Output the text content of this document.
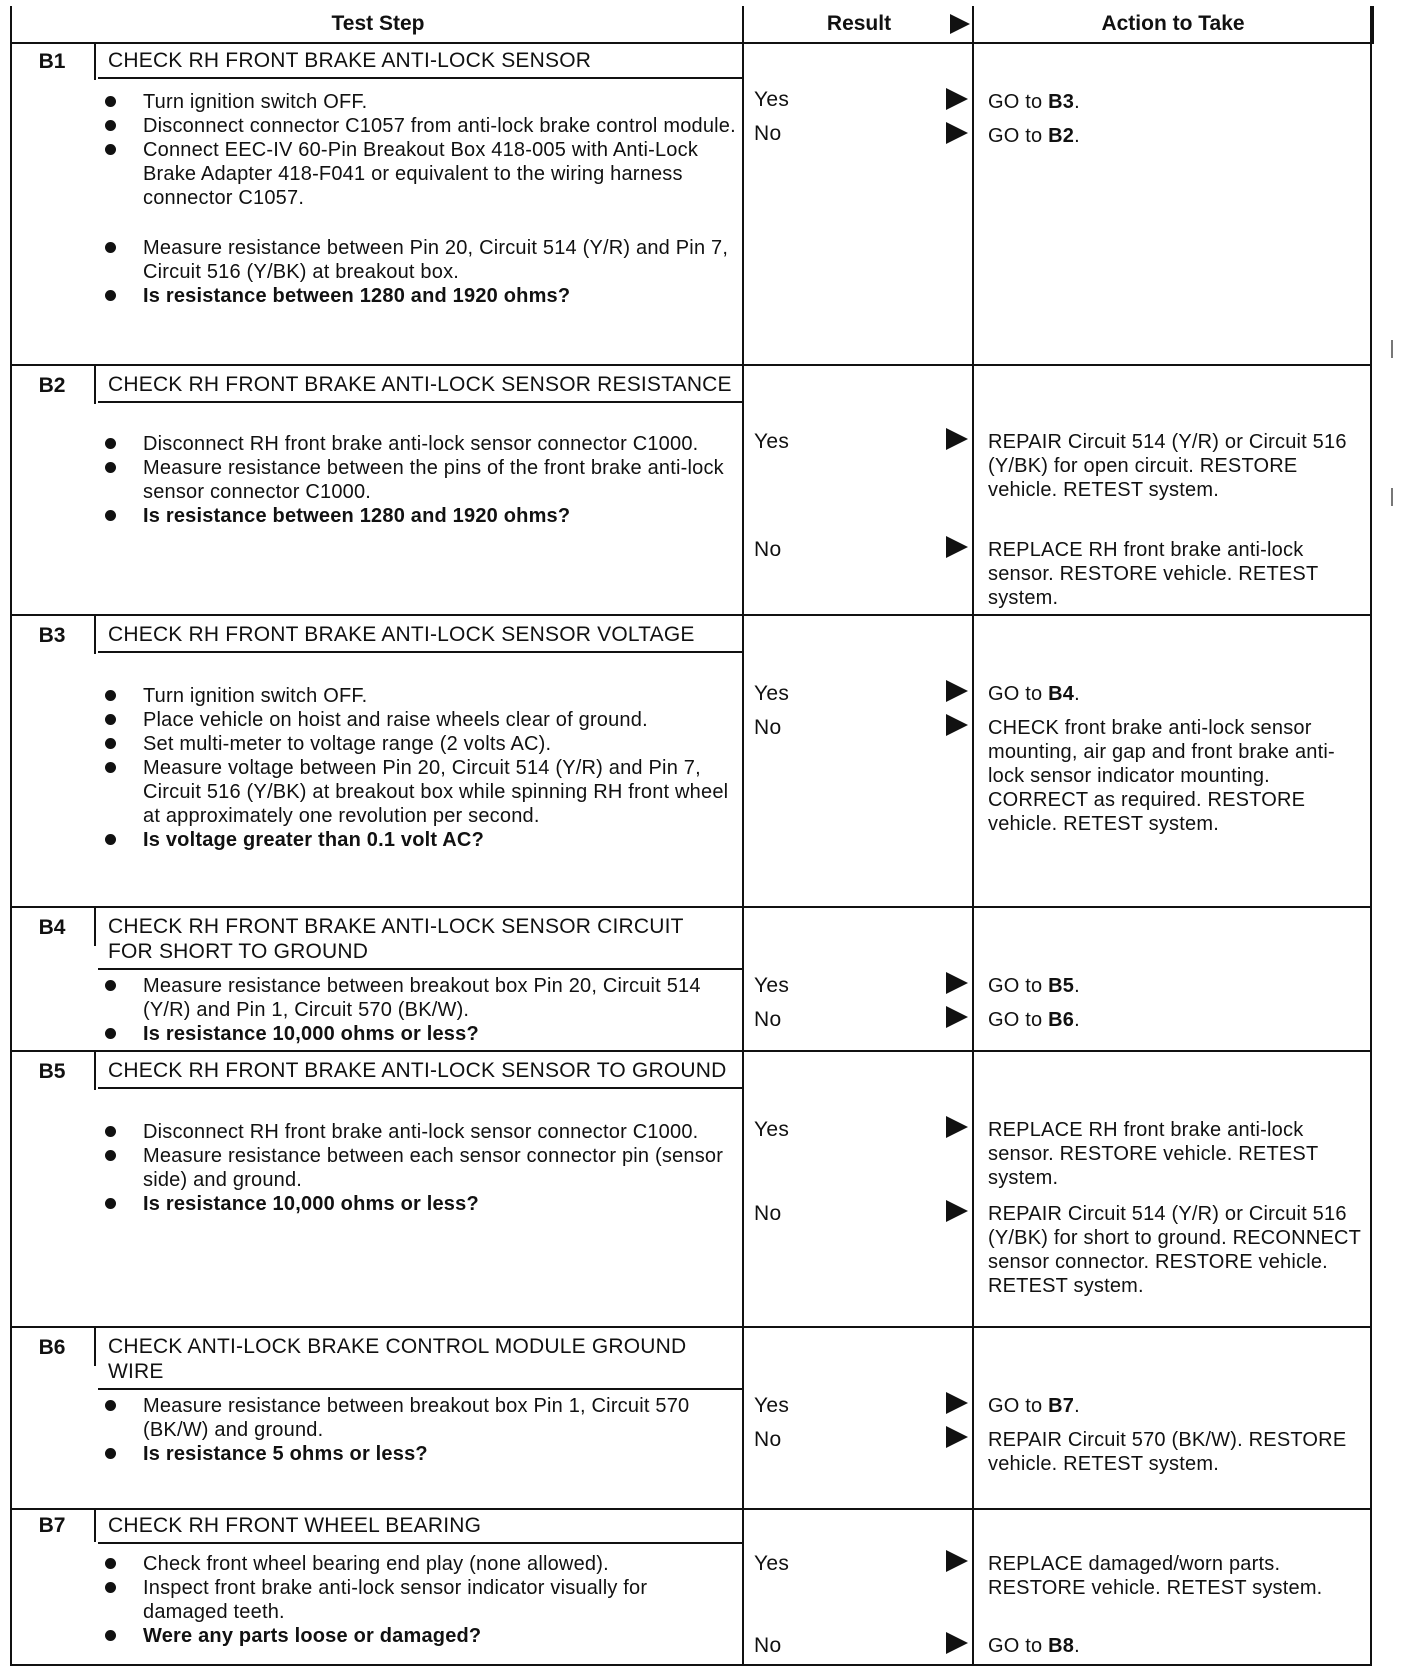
Test Step	Result	Action to Take
B1	CHECK RH FRONT BRAKE ANTI-LOCK SENSOR
Turn ignition switch OFF.
Disconnect connector C1057 from anti-lock brake control module.
Connect EEC-IV 60-Pin Breakout Box 418-005 with Anti-Lock Brake Adapter 418-F041 or equivalent to the wiring harness connector C1057.
Measure resistance between Pin 20, Circuit 514 (Y/R) and Pin 7, Circuit 516 (Y/BK) at breakout box.
Is resistance between 1280 and 1920 ohms?
Yes	GO to B3.
No	GO to B2.
B2	CHECK RH FRONT BRAKE ANTI-LOCK SENSOR RESISTANCE
Disconnect RH front brake anti-lock sensor connector C1000.
Measure resistance between the pins of the front brake anti-lock sensor connector C1000.
Is resistance between 1280 and 1920 ohms?
Yes	REPAIR Circuit 514 (Y/R) or Circuit 516 (Y/BK) for open circuit. RESTORE vehicle. RETEST system.
No	REPLACE RH front brake anti-lock sensor. RESTORE vehicle. RETEST system.
B3	CHECK RH FRONT BRAKE ANTI-LOCK SENSOR VOLTAGE
Turn ignition switch OFF.
Place vehicle on hoist and raise wheels clear of ground.
Set multi-meter to voltage range (2 volts AC).
Measure voltage between Pin 20, Circuit 514 (Y/R) and Pin 7, Circuit 516 (Y/BK) at breakout box while spinning RH front wheel at approximately one revolution per second.
Is voltage greater than 0.1 volt AC?
Yes	GO to B4.
No	CHECK front brake anti-lock sensor mounting, air gap and front brake anti-lock sensor indicator mounting. CORRECT as required. RESTORE vehicle. RETEST system.
B4	CHECK RH FRONT BRAKE ANTI-LOCK SENSOR CIRCUIT FOR SHORT TO GROUND
Measure resistance between breakout box Pin 20, Circuit 514 (Y/R) and Pin 1, Circuit 570 (BK/W).
Is resistance 10,000 ohms or less?
Yes	GO to B5.
No	GO to B6.
B5	CHECK RH FRONT BRAKE ANTI-LOCK SENSOR TO GROUND
Disconnect RH front brake anti-lock sensor connector C1000.
Measure resistance between each sensor connector pin (sensor side) and ground.
Is resistance 10,000 ohms or less?
Yes	REPLACE RH front brake anti-lock sensor. RESTORE vehicle. RETEST system.
No	REPAIR Circuit 514 (Y/R) or Circuit 516 (Y/BK) for short to ground. RECONNECT sensor connector. RESTORE vehicle. RETEST system.
B6	CHECK ANTI-LOCK BRAKE CONTROL MODULE GROUND WIRE
Measure resistance between breakout box Pin 1, Circuit 570 (BK/W) and ground.
Is resistance 5 ohms or less?
Yes	GO to B7.
No	REPAIR Circuit 570 (BK/W). RESTORE vehicle. RETEST system.
B7	CHECK RH FRONT WHEEL BEARING
Check front wheel bearing end play (none allowed).
Inspect front brake anti-lock sensor indicator visually for damaged teeth.
Were any parts loose or damaged?
Yes	REPLACE damaged/worn parts. RESTORE vehicle. RETEST system.
No	GO to B8.
